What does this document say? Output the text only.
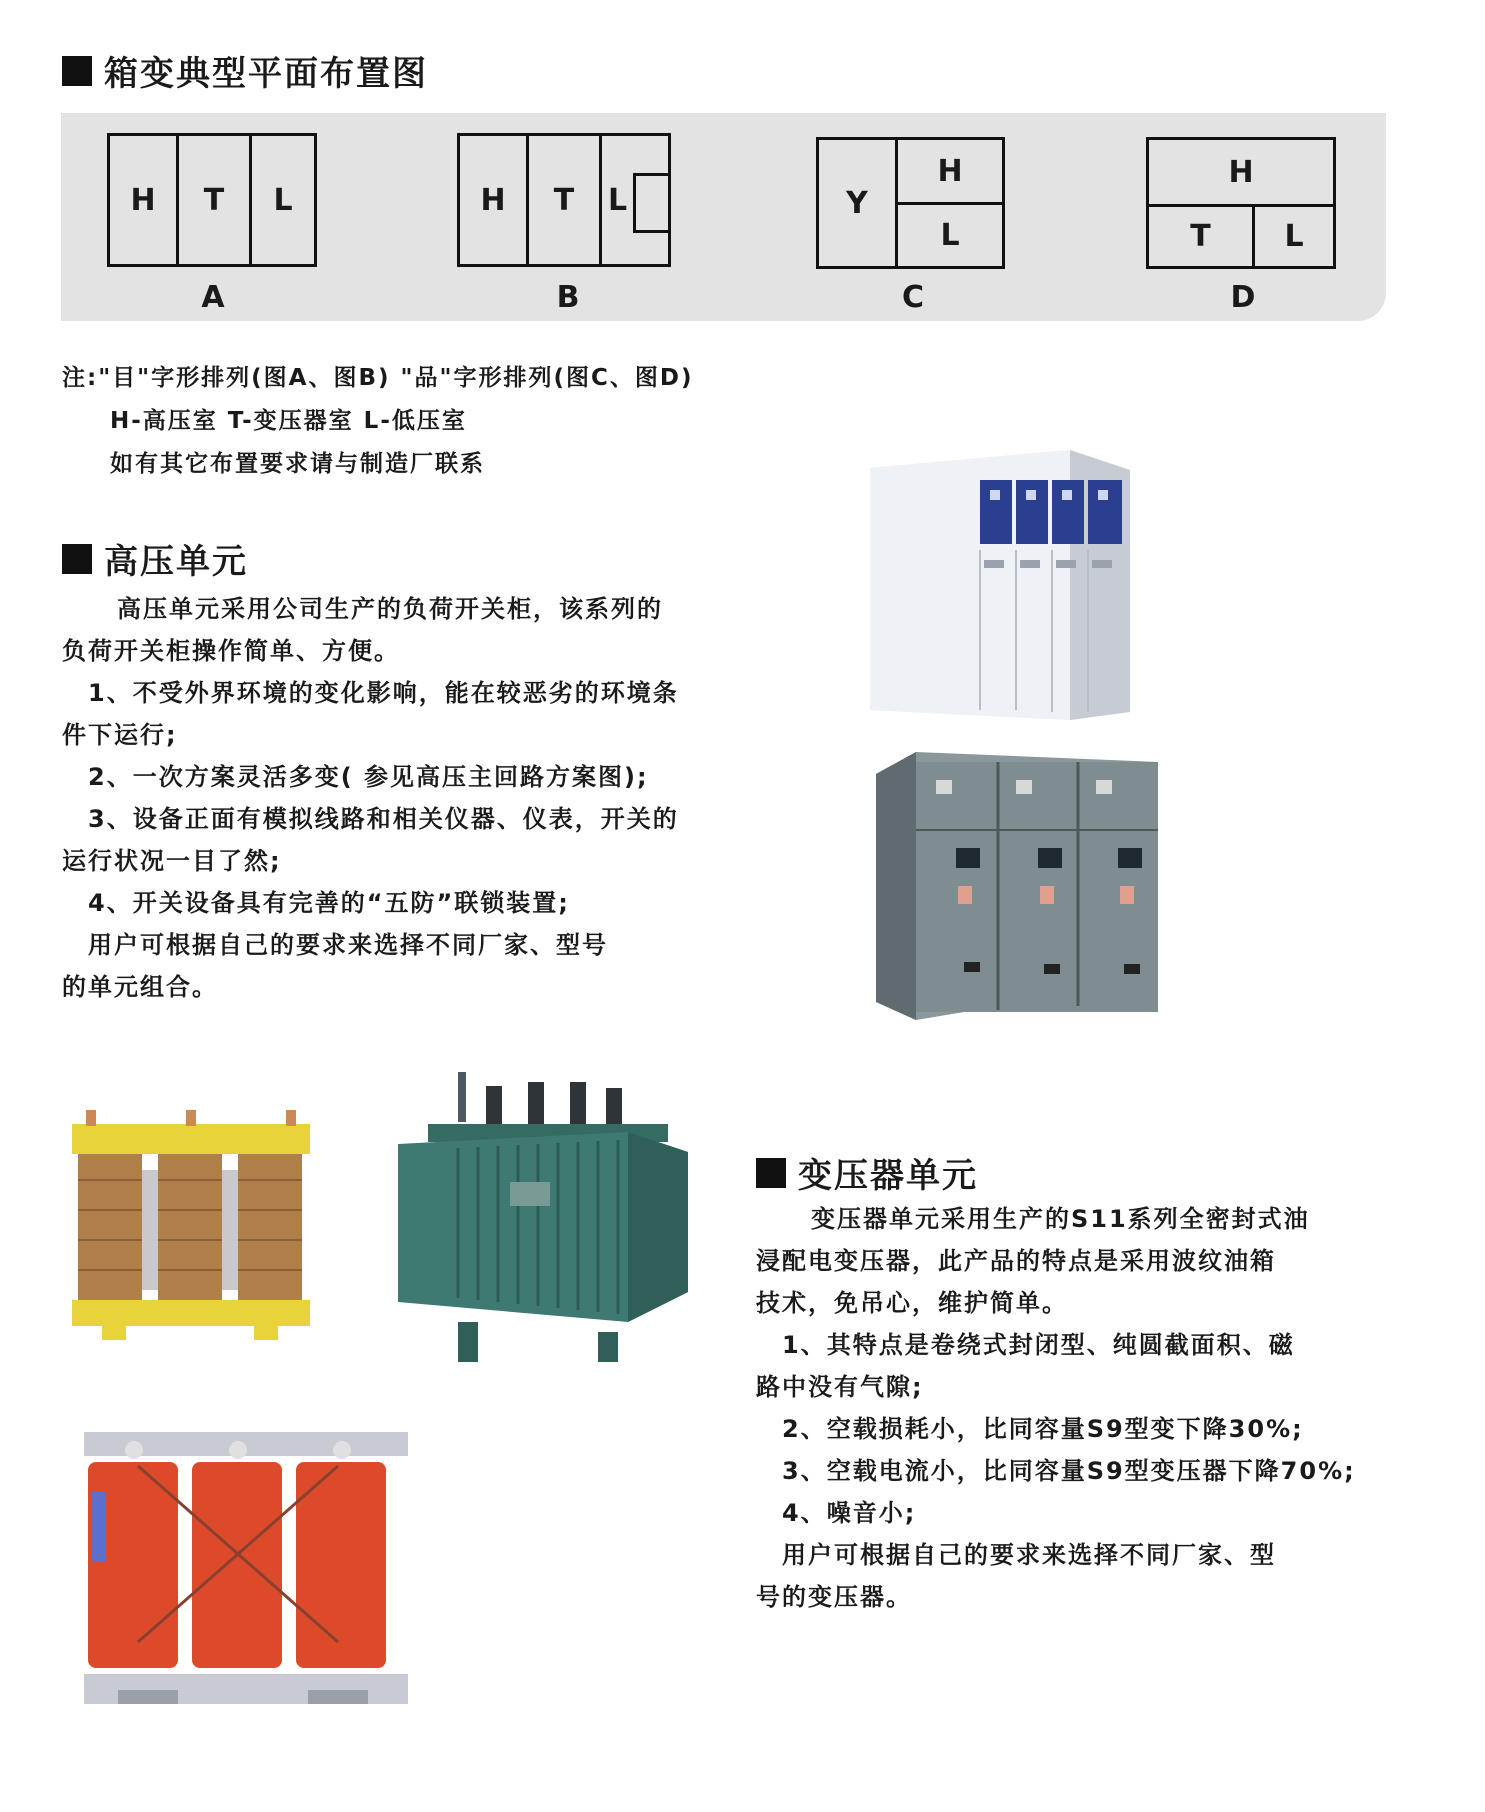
箱变典型平面布置图
H	T	L
A
H	T	L
B
Y
H
L
C
H
T	L
D
注:"目"字形排列(图A、图B) "品"字形排列(图C、图D)
H-高压室 T-变压器室 L-低压室
如有其它布置要求请与制造厂联系
高压单元
高压单元采用公司生产的负荷开关柜，该系列的
负荷开关柜操作简单、方便。
1、不受外界环境的变化影响，能在较恶劣的环境条
件下运行;
2、一次方案灵活多变( 参见高压主回路方案图);
3、设备正面有模拟线路和相关仪器、仪表，开关的
运行状况一目了然;
4、开关设备具有完善的“五防”联锁装置;
用户可根据自己的要求来选择不同厂家、型号
的单元组合。
变压器单元
变压器单元采用生产的S11系列全密封式油
浸配电变压器，此产品的特点是采用波纹油箱
技术，免吊心，维护简单。
1、其特点是卷绕式封闭型、纯圆截面积、磁
路中没有气隙;
2、空载损耗小，比同容量S9型变下降30%;
3、空载电流小，比同容量S9型变压器下降70%;
4、噪音小;
用户可根据自己的要求来选择不同厂家、型
号的变压器。
